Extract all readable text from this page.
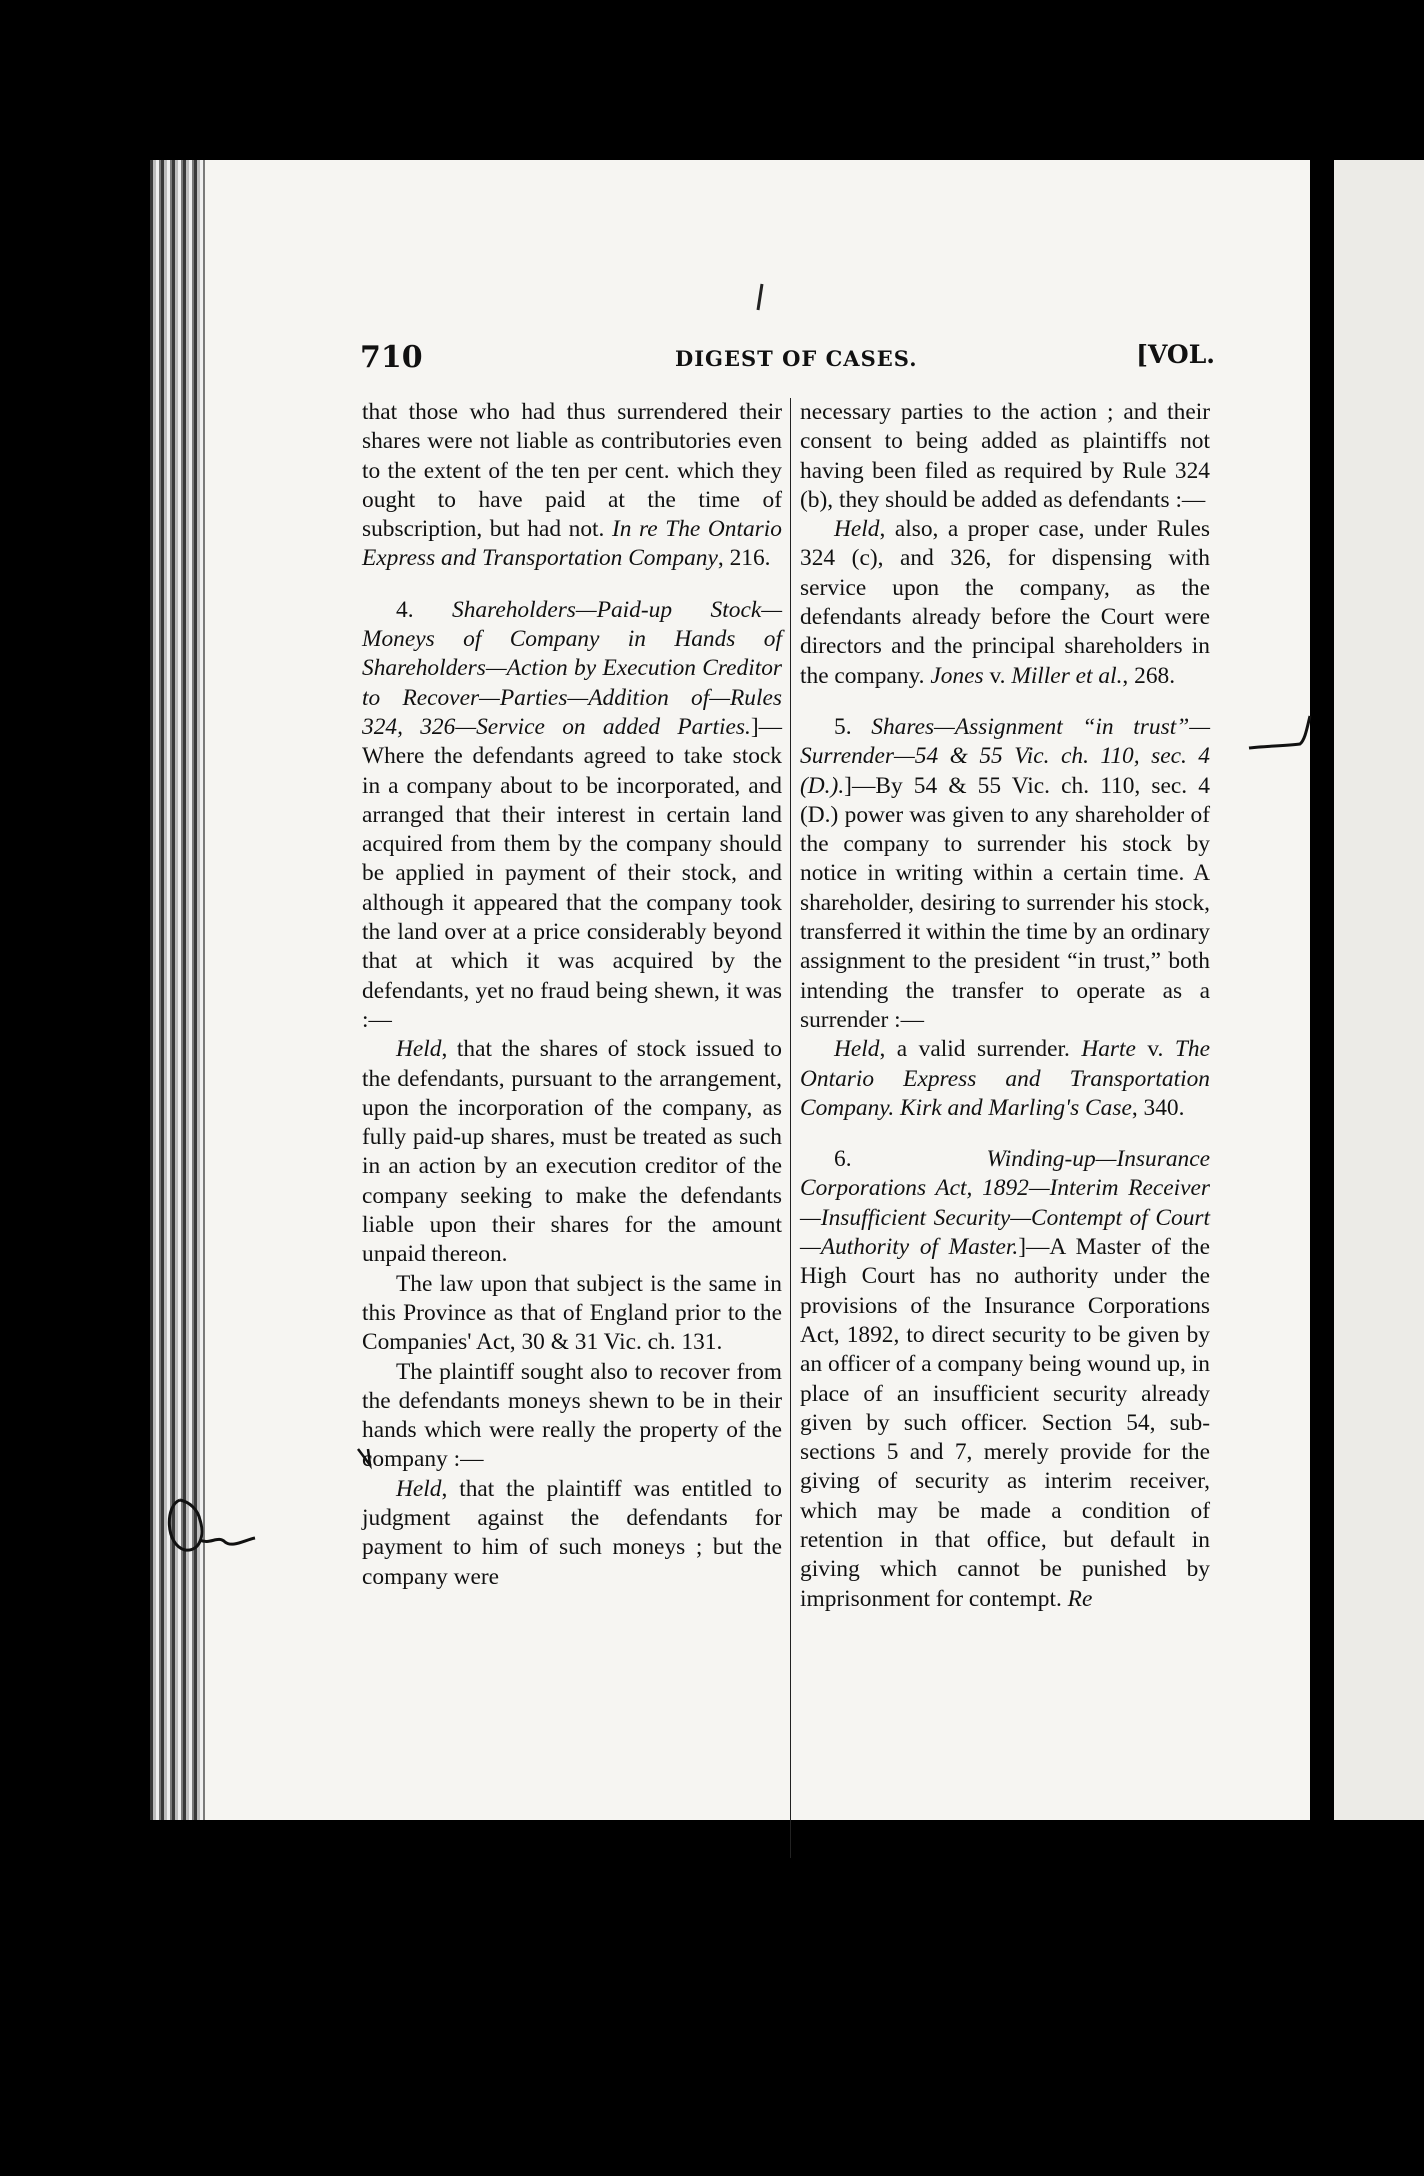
710	DIGEST OF CASES.	[VOL.

that those who had thus surrendered their shares were not liable as contributories even to the extent of the ten per cent. which they ought to have paid at the time of subscription, but had not. In re The Ontario Express and Transportation Company, 216.

4. Shareholders—Paid-up Stock—Moneys of Company in Hands of Shareholders—Action by Execution Creditor to Recover—Parties—Addition of—Rules 324, 326—Service on added Parties.]—Where the defendants agreed to take stock in a company about to be incorporated, and arranged that their interest in certain land acquired from them by the company should be applied in payment of their stock, and although it appeared that the company took the land over at a price considerably beyond that at which it was acquired by the defendants, yet no fraud being shewn, it was :—

Held, that the shares of stock issued to the defendants, pursuant to the arrangement, upon the incorporation of the company, as fully paid-up shares, must be treated as such in an action by an execution creditor of the company seeking to make the defendants liable upon their shares for the amount unpaid thereon.

The law upon that subject is the same in this Province as that of England prior to the Companies' Act, 30 & 31 Vic. ch. 131.

The plaintiff sought also to recover from the defendants moneys shewn to be in their hands which were really the property of the company :—

Held, that the plaintiff was entitled to judgment against the defendants for payment to him of such moneys ; but the company were

necessary parties to the action ; and their consent to being added as plaintiffs not having been filed as required by Rule 324 (b), they should be added as defendants :—

Held, also, a proper case, under Rules 324 (c), and 326, for dispensing with service upon the company, as the defendants already before the Court were directors and the principal shareholders in the company. Jones v. Miller et al., 268.

5. Shares—Assignment “in trust”—Surrender—54 & 55 Vic. ch. 110, sec. 4 (D.).]—By 54 & 55 Vic. ch. 110, sec. 4 (D.) power was given to any shareholder of the company to surrender his stock by notice in writing within a certain time. A shareholder, desiring to surrender his stock, transferred it within the time by an ordinary assignment to the president “in trust,” both intending the transfer to operate as a surrender :—

Held, a valid surrender. Harte v. The Ontario Express and Transportation Company. Kirk and Marling's Case, 340.

6. Winding-up—Insurance Corporations Act, 1892—Interim Receiver—Insufficient Security—Contempt of Court—Authority of Master.]—A Master of the High Court has no authority under the provisions of the Insurance Corporations Act, 1892, to direct security to be given by an officer of a company being wound up, in place of an insufficient security already given by such officer. Section 54, sub-sections 5 and 7, merely provide for the giving of security as interim receiver, which may be made a condition of retention in that office, but default in giving which cannot be punished by imprisonment for contempt. Re
